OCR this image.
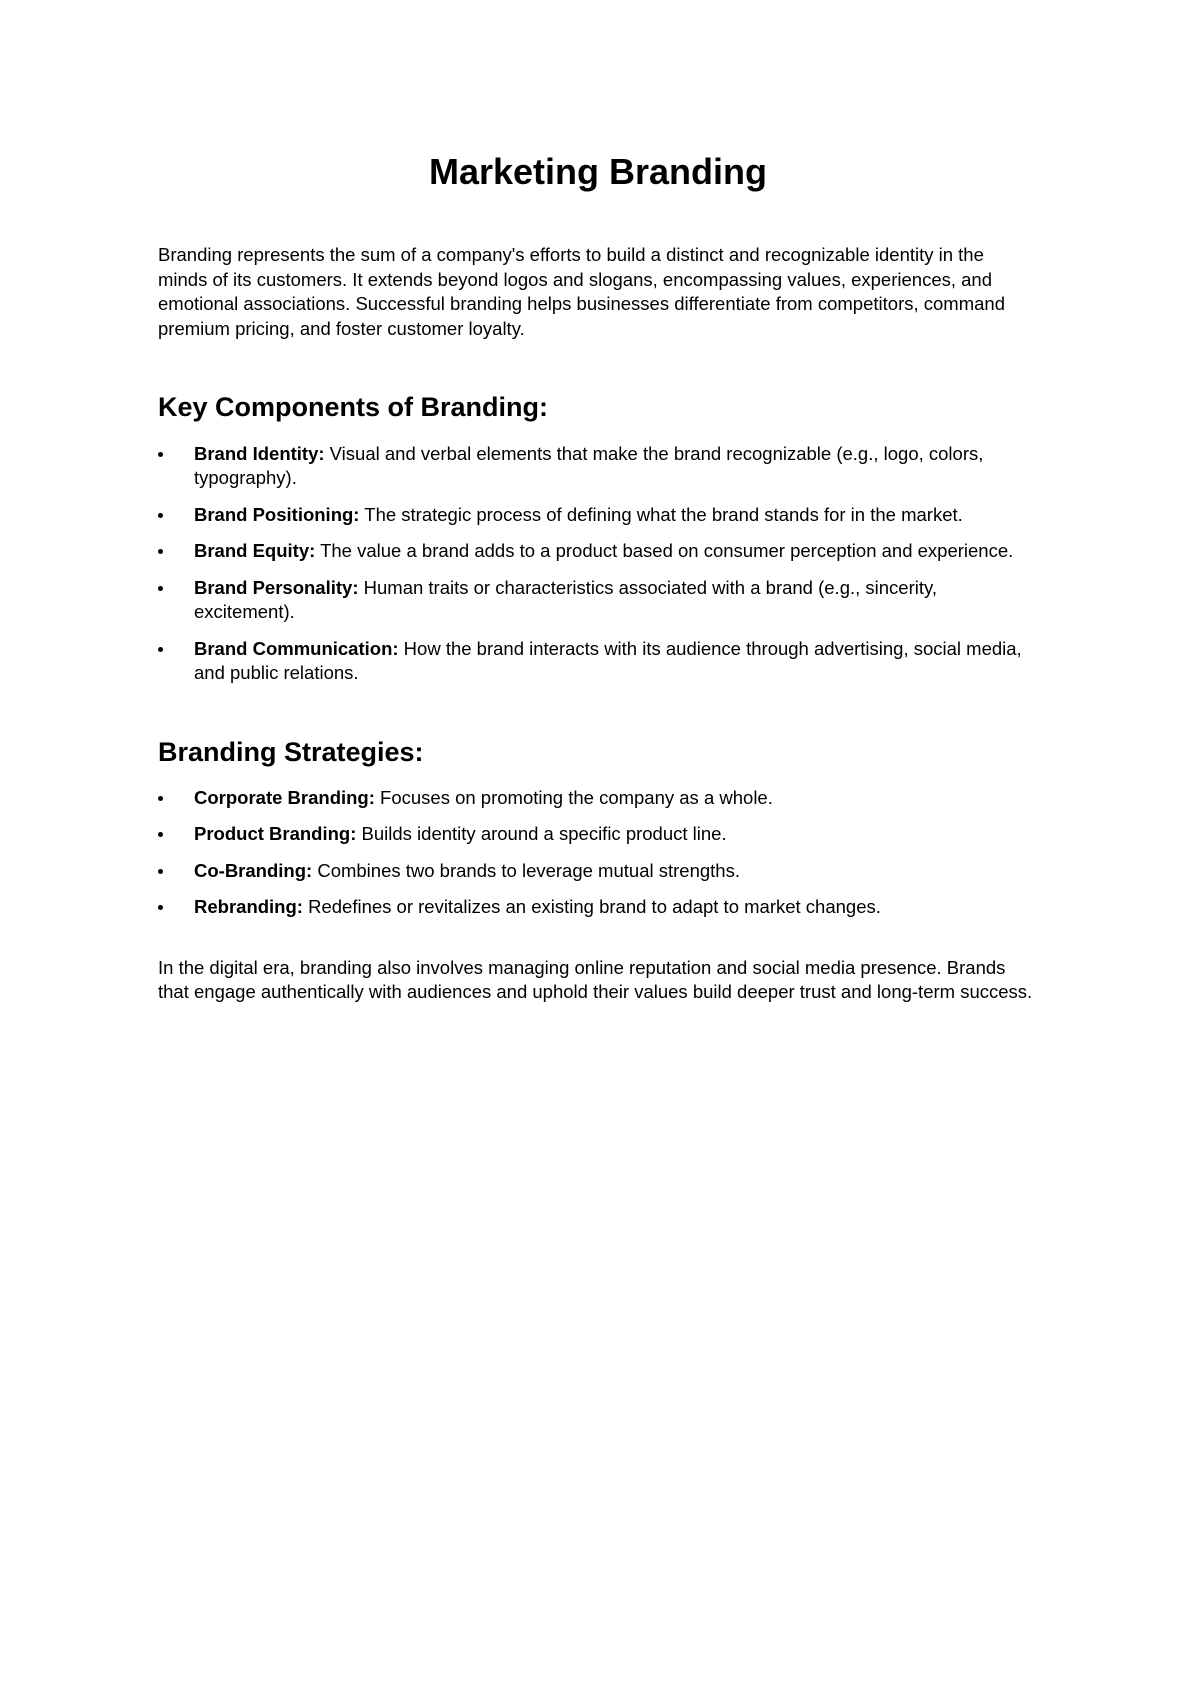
Marketing Branding

Branding represents the sum of a company's efforts to build a distinct and recognizable identity in the minds of its customers. It extends beyond logos and slogans, encompassing values, experiences, and emotional associations. Successful branding helps businesses differentiate from competitors, command premium pricing, and foster customer loyalty.

Key Components of Branding:
Brand Identity: Visual and verbal elements that make the brand recognizable (e.g., logo, colors, typography).
Brand Positioning: The strategic process of defining what the brand stands for in the market.
Brand Equity: The value a brand adds to a product based on consumer perception and experience.
Brand Personality: Human traits or characteristics associated with a brand (e.g., sincerity, excitement).
Brand Communication: How the brand interacts with its audience through advertising, social media, and public relations.
Branding Strategies:
Corporate Branding: Focuses on promoting the company as a whole.
Product Branding: Builds identity around a specific product line.
Co-Branding: Combines two brands to leverage mutual strengths.
Rebranding: Redefines or revitalizes an existing brand to adapt to market changes.

In the digital era, branding also involves managing online reputation and social media presence. Brands that engage authentically with audiences and uphold their values build deeper trust and long-term success.
